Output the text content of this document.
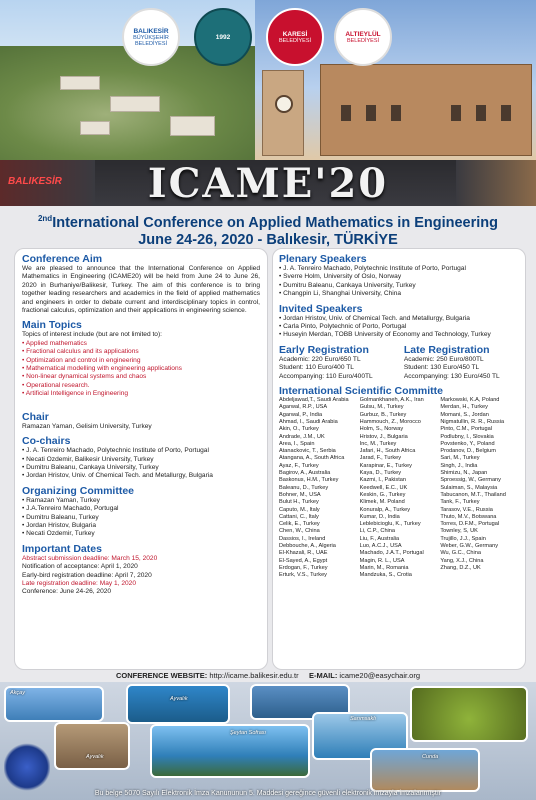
BALIKESİR
BÜYÜKŞEHİR
BELEDİYESİ
1992	KARESİ
BELEDİYESİ
ALTIEYLÜL
BELEDİYESİ
BALIKESİR ICAME'20
$^{2nd}$International Conference on Applied Mathematics in Engineering
June 24-26, 2020 - Balıkesir, TÜRKİYE
Conference Aim
We are pleased to announce that the International Conference on Applied Mathematics in Engineering (ICAME20) will be held from June 24 to June 26, 2020 in Burhaniye/Balikesir, Turkey. The aim of this conference is to bring together leading researchers and academics in the field of applied mathematics and engineers in order to debate current and interdisciplinary topics in control, fractional calculus, optimization and their applications in engineering science.
Main Topics
Topics of interest include (but are not limited to):
• Applied mathematics
• Fractional calculus and its applications
• Optimization and control in engineering
• Mathematical modelling with engineering applications
• Non-linear dynamical systems and chaos
• Operational research.
• Artificial Intelligence in Engineering
Chair
Ramazan Yaman, Gelisim University, Turkey
Co-chairs
• J. A. Tenreiro Machado, Polytechnic Institute of Porto, Portugal
• Necati Ozdemir, Balikesir University, Turkey
• Dumitru Baleanu, Cankaya University, Turkey
• Jordan Hristov, Univ. of Chemical Tech. and Metallurgy, Bulgaria
Organizing Committee
• Ramazan Yaman, Turkey
• J.A.Tenreiro Machado, Portugal
• Dumitru Baleanu, Turkey
• Jordan Hristov, Bulgaria
• Necati Ozdemir, Turkey
Important Dates
Abstract submission deadline: March 15, 2020
Notification of acceptance: April 1, 2020
Early-bird registration deadline: April 7, 2020
Late registration deadline: May 1, 2020
Conference: June 24-26, 2020
Plenary Speakers
• J. A. Tenreiro Machado, Polytechnic Institute of Porto, Portugal
• Sverre Holm, University of Oslo, Norway
• Dumitru Baleanu, Cankaya University, Turkey
• Changpin Li, Shanghai University, China
Invited Speakers
• Jordan Hristov, Univ. of Chemical Tech. and Metallurgy, Bulgaria
• Carla Pinto, Polytechnic of Porto, Portugal
• Huseyin Merdan, TOBB University of Economy and Technology, Turkey
Early Registration
Academic: 220 Euro/650 TL
Student: 110 Euro/400 TL
Accompanying: 110 Euro/400TL
Late Registration
Academic: 250 Euro/800TL
Student: 130 Euro/450 TL
Accompanying: 130 Euro/450 TL
International Scientific Committe
Abdeljawad,T., Saudi Arabia
Agarwal, R.P., USA
Agarwal, P., India
Ahmad, I., Saudi Arabia
Akin, O., Turkey
Andrade, J.M., UK
Area, I., Spain
Atanackovic, T., Serbia
Atangana, A., South Africa
Ayaz, F., Turkey
Bagirov, A., Australia
Baskonus, H.M., Turkey
Baleanu, D., Turkey
Bohner, M., USA
Bulut H., Turkey
Caputo, M., Italy
Cattani, C., Italy
Celik, E., Turkey
Chen, W., China
Dassios, I., Ireland
Debbouche, A., Algeria
El-Khazali, R., UAE
El-Sayed, A., Egypt
Erdogan, F., Turkey
Erturk, V.S., Turkey
Golmankhaneh, A.K., Iran
Gulsu, M., Turkey
Gurbuz, B., Turkey
Hammouch, Z., Morocco
Holm, S., Norway
Hristov, J., Bulgaria
Inc, M., Turkey
Jafari, H., South Africa
Jarad, F., Turkey
Karapinar, E., Turkey
Kaya, D., Turkey
Kazmi, I., Pakistan
Keedwell, E.C., UK
Keskin, G., Turkey
Klimek, M. Poland
Konuralp, A., Turkey
Kumar, D., India
Leblebicioglu, K., Turkey
Li, C.P., China
Liu, F., Australia
Luo, A.C.J., USA
Machado, J.A.T., Portugal
Magin, R. L., USA
Marin, M., Romania
Mandzuka, S., Crotia
Markowski, K.A, Poland
Merdan, H., Turkey
Momani, S., Jordan
Nigmatullin, R. R., Russia
Pinto, C.M., Portugal
Podlubny, I., Slovakia
Povstenko, Y., Poland
Prodanov, D., Belgium
Sari, M., Turkey
Singh, J., India
Shimizu, N., Japan
Sproessig, W., Germany
Sulaiman, S., Malaysia
Tabucanon, M.T., Thailand
Tank, F., Turkey
Tarasov, V.E., Russia
Thuto, M.V., Botswana
Torres, D.F.M., Portugal
Townley, S, UK
Trujillo, J.J., Spain
Weber, G.W., Germany
Wu, G.C., China
Yang, X.J., China
Zhang, D.Z., UK
CONFERENCE WEBSITE: http://icame.balikesir.edu.tr E-MAIL: icame20@easychair.org
Akçay
Ayvalık
Ayvalık
Şeytan Sofrası
Sarımsaklı
Cunda
Bu belge 5070 Sayılı Elektronik İmza Kanununun 5. Maddesi gereğince güvenli elektronik imzayla imzalanmıştır
